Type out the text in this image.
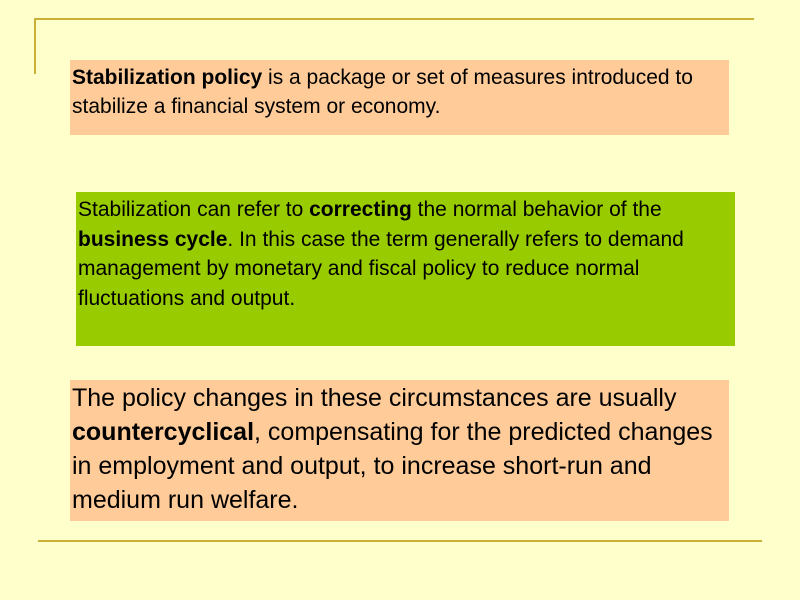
Stabilization policy is a package or set of measures introduced to stabilize a financial system or economy.
Stabilization can refer to correcting the normal behavior of the business cycle. In this case the term generally refers to demand management by monetary and fiscal policy to reduce normal fluctuations and output.
The policy changes in these circumstances are usually countercyclical, compensating for the predicted changes in employment and output, to increase short-run and medium run welfare.
